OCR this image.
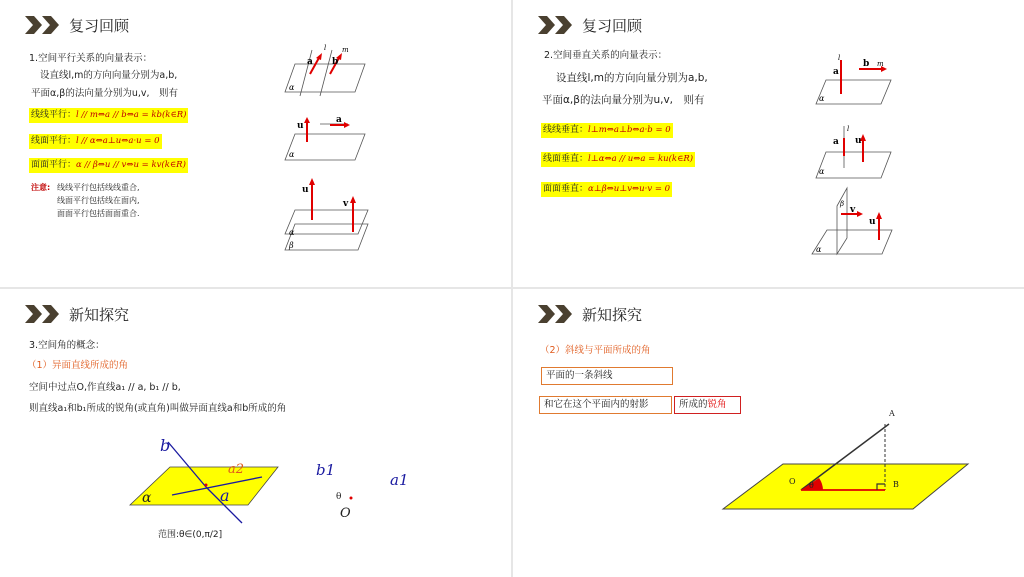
复习回顾
1.空间平行关系的向量表示：
设直线l,m的方向向量分别为a,b,
平面α,β的法向量分别为u,v,　则有
线线平行：l // m⇔a // b⇔a = kb(k∈R)
线面平行：l // α⇔a⊥u⇔a·u = 0
面面平行：α // β⇔u // v⇔u = kv(k∈R)
注意: 线线平行包括线线重合,
线面平行包括线在面内,
面面平行包括面面重合.
a b
l m
α
u
a
α
u
v
α
β
复习回顾
2.空间垂直关系的向量表示：
设直线l,m的方向向量分别为a,b,
平面α,β的法向量分别为u,v,　则有
线线垂直：l⊥m⇔a⊥b⇔a·b = 0
线面垂直：l⊥α⇔a // u⇔a = ku(k∈R)
面面垂直：α⊥β⇔u⊥v⇔u·v = 0
a
b
l
m
α
a u
l
α
v
u
β
α
新知探究
3.空间角的概念：
（1）异面直线所成的角
空间中过点O,作直线a₁ // a, b₁ // b,
则直线a₁和b₁所成的锐角(或直角)叫做异面直线a和b所成的角
b
a2
α	a
b1
a1
θ
O
范围:θ∈(0,π/2]
新知探究
（2）斜线与平面所成的角
平面的一条斜线
和它在这个平面内的射影	所成的锐角
θ
O	B
A
